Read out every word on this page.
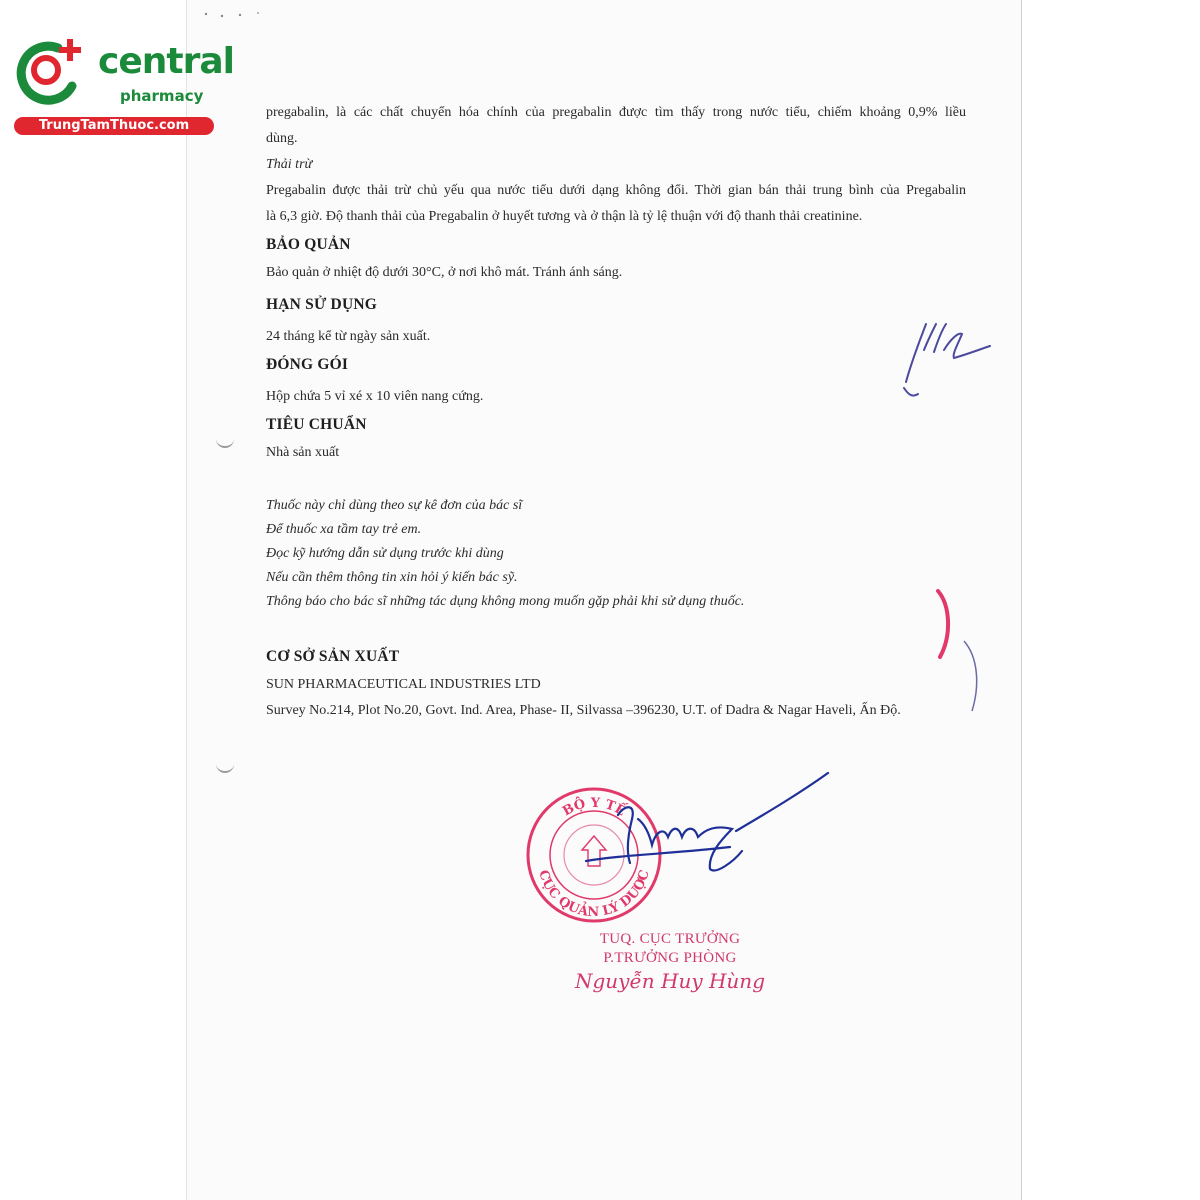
central
pharmacy
TrungTamThuoc.com

pregabalin, là các chất chuyển hóa chính của pregabalin được tìm thấy trong nước tiểu, chiếm khoảng 0,9% liều

dùng.

Thải trừ

Pregabalin được thải trừ chủ yếu qua nước tiểu dưới dạng không đổi. Thời gian bán thải trung bình của Pregabalin

là 6,3 giờ. Độ thanh thải của Pregabalin ở huyết tương và ở thận là tỷ lệ thuận với độ thanh thải creatinine.

BẢO QUẢN

Bảo quản ở nhiệt độ dưới 30°C, ở nơi khô mát. Tránh ánh sáng.

HẠN SỬ DỤNG

24 tháng kể từ ngày sản xuất.

ĐÓNG GÓI

Hộp chứa 5 vỉ xé x 10 viên nang cứng.

TIÊU CHUẨN

Nhà sản xuất

Thuốc này chỉ dùng theo sự kê đơn của bác sĩ

Để thuốc xa tầm tay trẻ em.

Đọc kỹ hướng dẫn sử dụng trước khi dùng

Nếu cần thêm thông tin xin hỏi ý kiến bác sỹ.

Thông báo cho bác sĩ những tác dụng không mong muốn gặp phải khi sử dụng thuốc.

CƠ SỞ SẢN XUẤT

SUN PHARMACEUTICAL INDUSTRIES LTD

Survey No.214, Plot No.20, Govt. Ind. Area, Phase- II, Silvassa –396230, U.T. of Dadra & Nagar Haveli, Ấn Độ.

BỘ Y TẾ
CỤC QUẢN LÝ DƯỢC
TUQ. CỤC TRƯỞNG
P.TRƯỞNG PHÒNG
Nguyễn Huy Hùng
